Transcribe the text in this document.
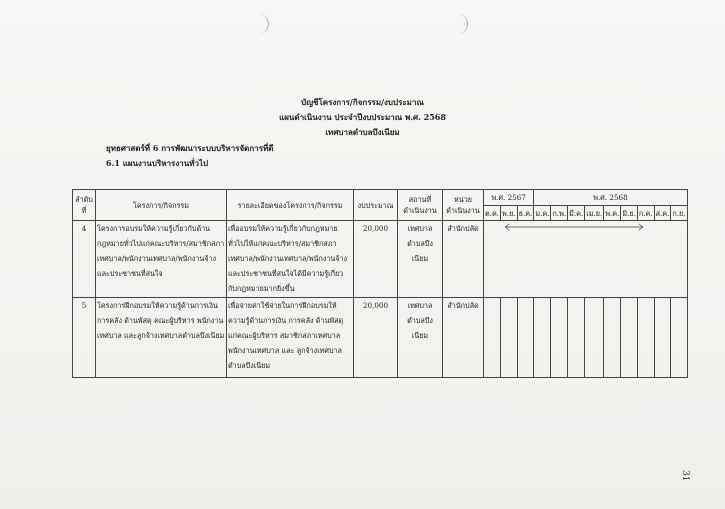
บัญชีโครงการ/กิจกรรม/งบประมาณ
แผนดำเนินงาน ประจำปีงบประมาณ พ.ศ. 2568
เทศบาลตำบลบึงเนียม
ยุทธศาสตร์ที่ 6 การพัฒนาระบบบริหารจัดการที่ดี
6.1 แผนงานบริหารงานทั่วไป
ลำดับที่	โครงการ/กิจกรรม	รายละเอียดของโครงการ/กิจกรรม	งบประมาณ	สถานที่ดำเนินงาน	หน่วยดำเนินงาน	พ.ศ. 2567			พ.ศ. 2568								
						ต.ค.	พ.ย.	ธ.ค.	ม.ค.	ก.พ.	มี.ค.	เม.ย.	พ.ค.	มิ.ย.	ก.ค.	ส.ค.	ก.ย.
4	โครงการอบรมให้ความรู้เกี่ยวกับด้านกฎหมายทั่วไปแก่คณะบริหาร/สมาชิกสภาเทศบาล/พนักงานเทศบาล/พนักงานจ้างและประชาชนที่สนใจ	เพื่ออบรมให้ความรู้เกี่ยวกับกฎหมายทั่วไปให้แก่คณะบริหาร/สมาชิกสภาเทศบาล/พนักงานเทศบาล/พนักงานจ้างและประชาชนที่สนใจได้มีความรู้เกี่ยวกับกฎหมายมากยิ่งขึ้น	20,000	เทศบาลตำบลบึงเนียม	สำนักปลัด	

5	โครงการฝึกอบรมให้ความรู้ด้านการเงิน การคลัง ด้านพัสดุ คณะผู้บริหาร พนักงานเทศบาล และลูกจ้างเทศบาลตำบลบึงเนียม	เพื่อจ่ายค่าใช้จ่ายในการฝึกอบรมให้ความรู้ด้านการเงิน การคลัง ด้านพัสดุ แก่คณะผู้บริหาร สมาชิกสภาเทศบาล พนักงานเทศบาล และ ลูกจ้างเทศบาลตำบลบึงเนียม	20,000	เทศบาลตำบลบึงเนียม	สำนักปลัด												
31
